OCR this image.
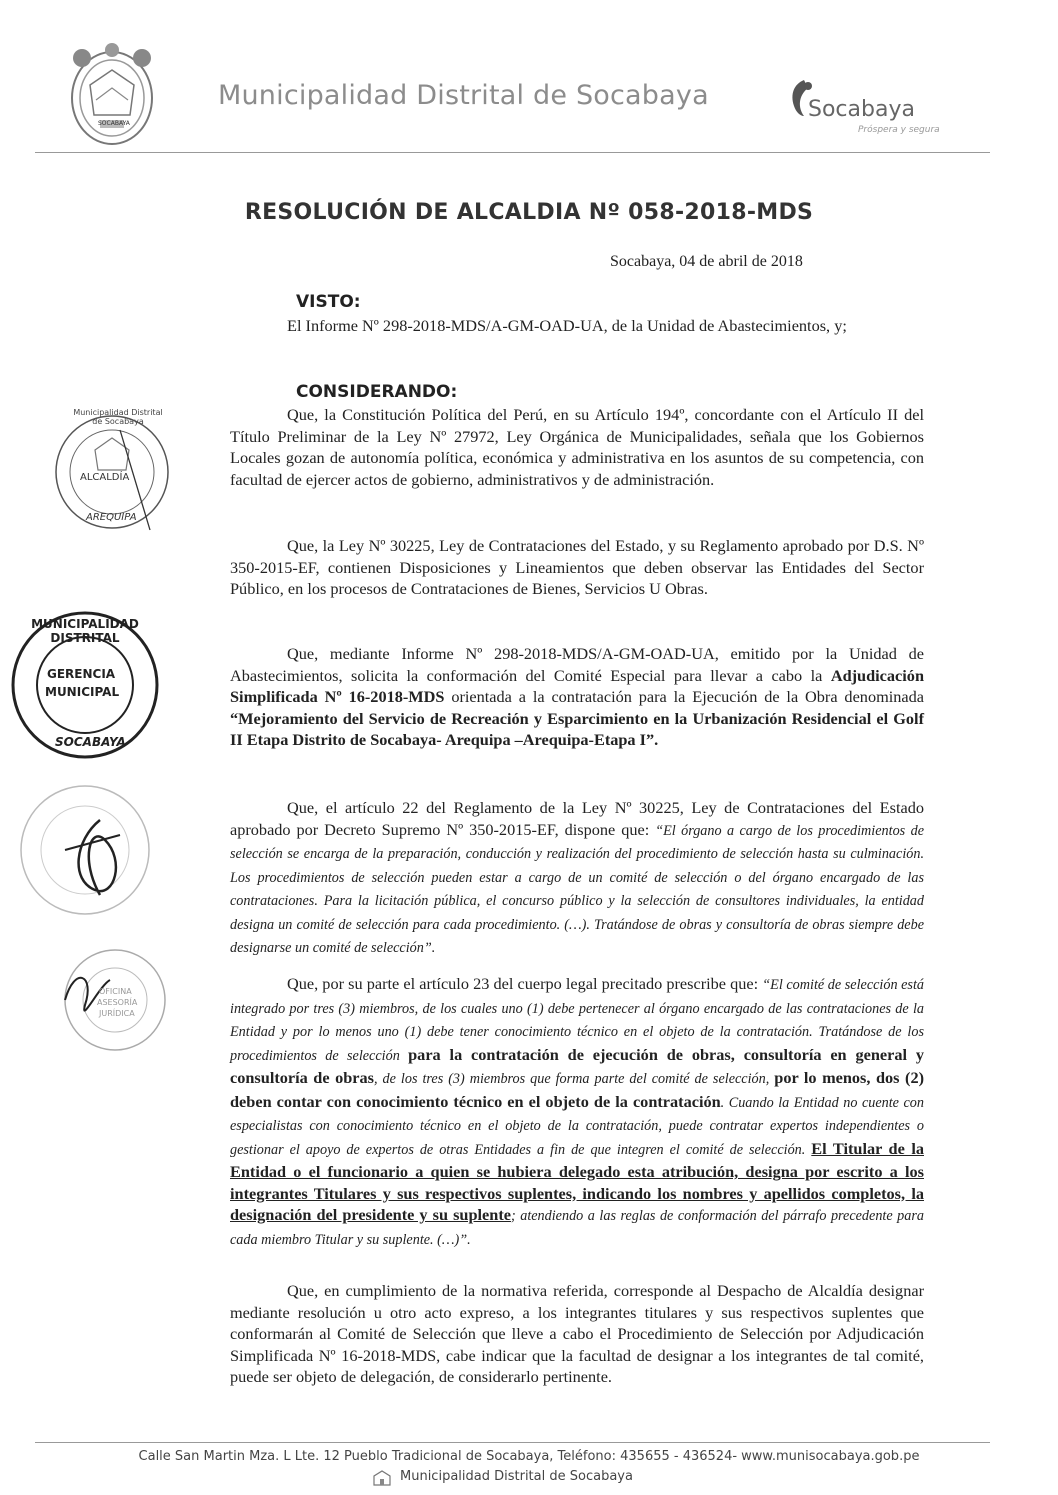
SOCABAYA
Municipalidad Distrital de Socabaya	Socabaya
Próspera y segura
RESOLUCIÓN DE ALCALDIA Nº 058-2018-MDS
Socabaya, 04 de abril de 2018
VISTO:
El Informe Nº 298-2018-MDS/A-GM-OAD-UA, de la Unidad de Abastecimientos, y;
CONSIDERANDO:
Que, la Constitución Política del Perú, en su Artículo 194º, concordante con el Artículo II del Título Preliminar de la Ley Nº 27972, Ley Orgánica de Municipalidades, señala que los Gobiernos Locales gozan de autonomía política, económica y administrativa en los asuntos de su competencia, con facultad de ejercer actos de gobierno, administrativos y de administración.
Que, la Ley Nº 30225, Ley de Contrataciones del Estado, y su Reglamento aprobado por D.S. Nº 350-2015-EF, contienen Disposiciones y Lineamientos que deben observar las Entidades del Sector Público, en los procesos de Contrataciones de Bienes, Servicios U Obras.
Que, mediante Informe Nº 298-2018-MDS/A-GM-OAD-UA, emitido por la Unidad de Abastecimientos, solicita la conformación del Comité Especial para llevar a cabo la Adjudicación Simplificada Nº 16-2018-MDS orientada a la contratación para la Ejecución de la Obra denominada “Mejoramiento del Servicio de Recreación y Esparcimiento en la Urbanización Residencial el Golf II Etapa Distrito de Socabaya- Arequipa –Arequipa-Etapa I”.
Que, el artículo 22 del Reglamento de la Ley Nº 30225, Ley de Contrataciones del Estado aprobado por Decreto Supremo Nº 350-2015-EF, dispone que: “El órgano a cargo de los procedimientos de selección se encarga de la preparación, conducción y realización del procedimiento de selección hasta su culminación. Los procedimientos de selección pueden estar a cargo de un comité de selección o del órgano encargado de las contrataciones. Para la licitación pública, el concurso público y la selección de consultores individuales, la entidad designa un comité de selección para cada procedimiento. (…). Tratándose de obras y consultoría de obras siempre debe designarse un comité de selección”.
Que, por su parte el artículo 23 del cuerpo legal precitado prescribe que: “El comité de selección está integrado por tres (3) miembros, de los cuales uno (1) debe pertenecer al órgano encargado de las contrataciones de la Entidad y por lo menos uno (1) debe tener conocimiento técnico en el objeto de la contratación. Tratándose de los procedimientos de selección para la contratación de ejecución de obras, consultoría en general y consultoría de obras, de los tres (3) miembros que forma parte del comité de selección, por lo menos, dos (2) deben contar con conocimiento técnico en el objeto de la contratación. Cuando la Entidad no cuente con especialistas con conocimiento técnico en el objeto de la contratación, puede contratar expertos independientes o gestionar el apoyo de expertos de otras Entidades a fin de que integren el comité de selección. El Titular de la Entidad o el funcionario a quien se hubiera delegado esta atribución, designa por escrito a los integrantes Titulares y sus respectivos suplentes, indicando los nombres y apellidos completos, la designación del presidente y su suplente; atendiendo a las reglas de conformación del párrafo precedente para cada miembro Titular y su suplente. (…)”.
Que, en cumplimiento de la normativa referida, corresponde al Despacho de Alcaldía designar mediante resolución u otro acto expreso, a los integrantes titulares y sus respectivos suplentes que conformarán al Comité de Selección que lleve a cabo el Procedimiento de Selección por Adjudicación Simplificada Nº 16-2018-MDS, cabe indicar que la facultad de designar a los integrantes de tal comité, puede ser objeto de delegación, de considerarlo pertinente.
Municipalidad Distrital de Socabaya
ALCALDÍA
AREQUIPA
MUNICIPALIDAD DISTRITAL
GERENCIA
MUNICIPAL
SOCABAYA
OFICINA
ASESORÍA
JURÍDICA
Calle San Martin Mza. L Lte. 12 Pueblo Tradicional de Socabaya, Teléfono: 435655 - 436524- www.munisocabaya.gob.pe
Municipalidad Distrital de Socabaya
